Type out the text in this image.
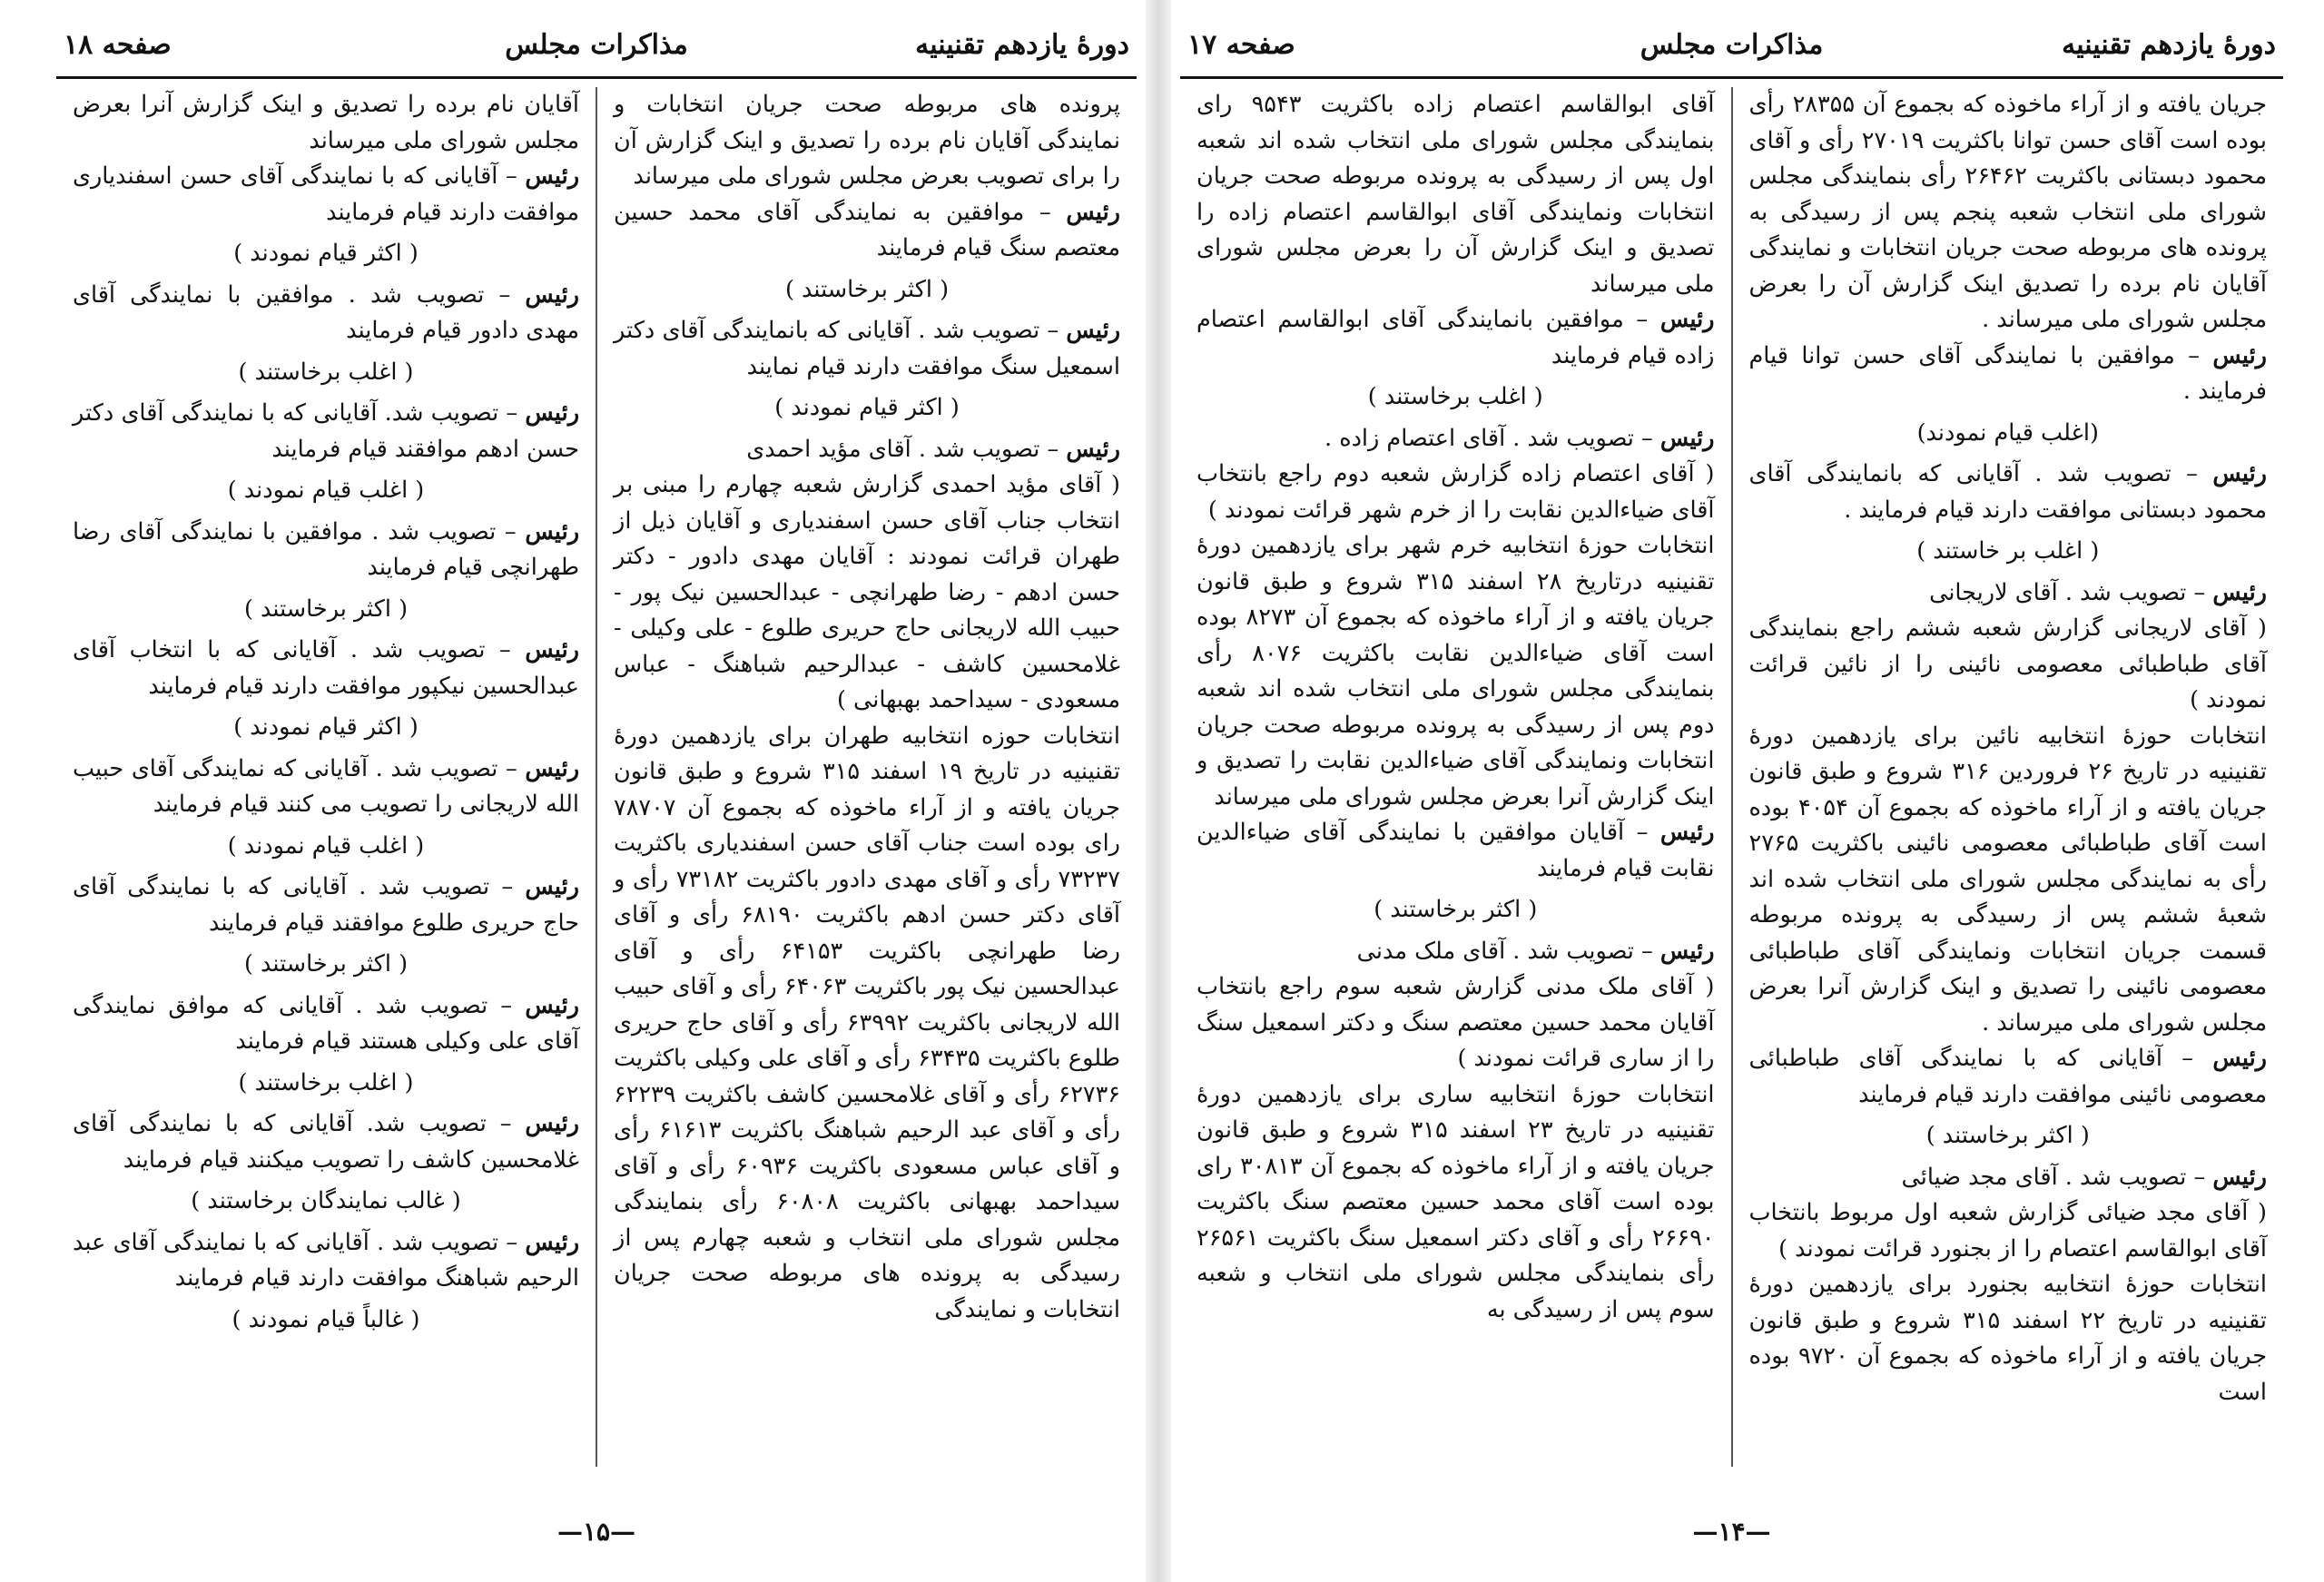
دورهٔ یازدهم تقنینیه
مذاکرات مجلس
صفحه ۱۸

پرونده های مربوطه صحت جریان انتخابات و نمایندگی آقایان نام برده را تصدیق و اینک گزارش آن را برای تصویب بعرض مجلس شورای ملی میرساند

رئیس – موافقین به نمایندگی آقای محمد حسین معتصم سنگ قیام فرمایند

( اکثر برخاستند )

رئیس – تصویب شد . آقایانی که بانمایندگی آقای دکتر اسمعیل سنگ موافقت دارند قیام نمایند

( اکثر قیام نمودند )

رئیس – تصویب شد . آقای مؤید احمدی

( آقای مؤید احمدی گزارش شعبه چهارم را مبنی بر انتخاب جناب آقای حسن اسفندیاری و آقایان ذیل از طهران قرائت نمودند : آقایان مهدی دادور - دکتر حسن ادهم - رضا طهرانچی - عبدالحسین نیک پور - حبیب الله لاریجانی حاج حریری طلوع - علی وکیلی - غلامحسین کاشف - عبدالرحیم شباهنگ - عباس مسعودی - سیداحمد بهبهانی )

انتخابات حوزه انتخابیه طهران برای یازدهمین دورهٔ تقنینیه در تاریخ ۱۹ اسفند ۳۱۵ شروع و طبق قانون جریان یافته و از آراء ماخوذه که بجموع آن ۷۸۷۰۷ رای بوده است جناب آقای حسن اسفندیاری باکثریت ۷۳۲۳۷ رأی و آقای مهدی دادور باکثریت ۷۳۱۸۲ رأی و آقای دکتر حسن ادهم باکثریت ۶۸۱۹۰ رأی و آقای رضا طهرانچی باکثریت ۶۴۱۵۳ رأی و آقای عبدالحسین نیک پور باکثریت ۶۴۰۶۳ رأی و آقای حبیب الله لاریجانی باکثریت ۶۳۹۹۲ رأی و آقای حاج حریری طلوع باکثریت ۶۳۴۳۵ رأی و آقای علی وکیلی باکثریت ۶۲۷۳۶ رأی و آقای غلامحسین کاشف باکثریت ۶۲۲۳۹ رأی و آقای عبد الرحیم شباهنگ باکثریت ۶۱۶۱۳ رأی و آقای عباس مسعودی باکثریت ۶۰۹۳۶ رأی و آقای سیداحمد بهبهانی باکثریت ۶۰۸۰۸ رأی بنمایندگی مجلس شورای ملی انتخاب و شعبه چهارم پس از رسیدگی به پرونده های مربوطه صحت جریان انتخابات و نمایندگی

آقایان نام برده را تصدیق و اینک گزارش آنرا بعرض مجلس شورای ملی میرساند

رئیس – آقایانی که با نمایندگی آقای حسن اسفندیاری موافقت دارند قیام فرمایند

( اکثر قیام نمودند )

رئیس – تصویب شد . موافقین با نمایندگی آقای مهدی دادور قیام فرمایند

( اغلب برخاستند )

رئیس – تصویب شد. آقایانی که با نمایندگی آقای دکتر حسن ادهم موافقند قیام فرمایند

( اغلب قیام نمودند )

رئیس – تصویب شد . موافقین با نمایندگی آقای رضا طهرانچی قیام فرمایند

( اکثر برخاستند )

رئیس – تصویب شد . آقایانی که با انتخاب آقای عبدالحسین نیکپور موافقت دارند قیام فرمایند

( اکثر قیام نمودند )

رئیس – تصویب شد . آقایانی که نمایندگی آقای حبیب الله لاریجانی را تصویب می کنند قیام فرمایند

( اغلب قیام نمودند )

رئیس – تصویب شد . آقایانی که با نمایندگی آقای حاج حریری طلوع موافقند قیام فرمایند

( اکثر برخاستند )

رئیس – تصویب شد . آقایانی که موافق نمایندگی آقای علی وکیلی هستند قیام فرمایند

( اغلب برخاستند )

رئیس – تصویب شد. آقایانی که با نمایندگی آقای غلامحسین کاشف را تصویب میکنند قیام فرمایند

( غالب نمایندگان برخاستند )

رئیس – تصویب شد . آقایانی که با نمایندگی آقای عبد الرحیم شباهنگ موافقت دارند قیام فرمایند

( غالباً قیام نمودند )

—۱۵—
دورهٔ یازدهم تقنینیه
مذاکرات مجلس
صفحه ۱۷

جریان یافته و از آراء ماخوذه که بجموع آن ۲۸۳۵۵ رأی بوده است آقای حسن توانا باکثریت ۲۷۰۱۹ رأی و آقای محمود دبستانی باکثریت ۲۶۴۶۲ رأی بنمایندگی مجلس شورای ملی انتخاب شعبه پنجم پس از رسیدگی به پرونده های مربوطه صحت جریان انتخابات و نمایندگی آقایان نام برده را تصدیق اینک گزارش آن را بعرض مجلس شورای ملی میرساند .

رئیس – موافقین با نمایندگی آقای حسن توانا قیام فرمایند .

(اغلب قیام نمودند)

رئیس – تصویب شد . آقایانی که بانمایندگی آقای محمود دبستانی موافقت دارند قیام فرمایند .

( اغلب بر خاستند )

رئیس – تصویب شد . آقای لاریجانی

( آقای لاریجانی گزارش شعبه ششم راجع بنمایندگی آقای طباطبائی معصومی نائینی را از نائین قرائت نمودند )

انتخابات حوزهٔ انتخابیه نائین برای یازدهمین دورهٔ تقنینیه در تاریخ ۲۶ فروردین ۳۱۶ شروع و طبق قانون جریان یافته و از آراء ماخوذه که بجموع آن ۴۰۵۴ بوده است آقای طباطبائی معصومی نائینی باکثریت ۲۷۶۵ رأی به نمایندگی مجلس شورای ملی انتخاب شده اند شعبهٔ ششم پس از رسیدگی به پرونده مربوطه قسمت جریان انتخابات ونمایندگی آقای طباطبائی معصومی نائینی را تصدیق و اینک گزارش آنرا بعرض مجلس شورای ملی میرساند .

رئیس – آقایانی که با نمایندگی آقای طباطبائی معصومی نائینی موافقت دارند قیام فرمایند

( اکثر برخاستند )

رئیس – تصویب شد . آقای مجد ضیائی

( آقای مجد ضیائی گزارش شعبه اول مربوط بانتخاب آقای ابوالقاسم اعتصام را از بجنورد قرائت نمودند )

انتخابات حوزهٔ انتخابیه بجنورد برای یازدهمین دورهٔ تقنینیه در تاریخ ۲۲ اسفند ۳۱۵ شروع و طبق قانون جریان یافته و از آراء ماخوذه که بجموع آن ۹۷۲۰ بوده است

آقای ابوالقاسم اعتصام زاده باکثریت ۹۵۴۳ رای بنمایندگی مجلس شورای ملی انتخاب شده اند شعبه اول پس از رسیدگی به پرونده مربوطه صحت جریان انتخابات ونمایندگی آقای ابوالقاسم اعتصام زاده را تصدیق و اینک گزارش آن را بعرض مجلس شورای ملی میرساند

رئیس – موافقین بانمایندگی آقای ابوالقاسم اعتصام زاده قیام فرمایند

( اغلب برخاستند )

رئیس – تصویب شد . آقای اعتصام زاده .

( آقای اعتصام زاده گزارش شعبه دوم راجع بانتخاب آقای ضیاءالدین نقابت را از خرم شهر قرائت نمودند )

انتخابات حوزهٔ انتخابیه خرم شهر برای یازدهمین دورهٔ تقنینیه درتاریخ ۲۸ اسفند ۳۱۵ شروع و طبق قانون جریان یافته و از آراء ماخوذه که بجموع آن ۸۲۷۳ بوده است آقای ضیاءالدین نقابت باکثریت ۸۰۷۶ رأی بنمایندگی مجلس شورای ملی انتخاب شده اند شعبه دوم پس از رسیدگی به پرونده مربوطه صحت جریان انتخابات ونمایندگی آقای ضیاءالدین نقابت را تصدیق و اینک گزارش آنرا بعرض مجلس شورای ملی میرساند

رئیس – آقایان موافقین با نمایندگی آقای ضیاءالدین نقابت قیام فرمایند

( اکثر برخاستند )

رئیس – تصویب شد . آقای ملک مدنی

( آقای ملک مدنی گزارش شعبه سوم راجع بانتخاب آقایان محمد حسین معتصم سنگ و دکتر اسمعیل سنگ را از ساری قرائت نمودند )

انتخابات حوزهٔ انتخابیه ساری برای یازدهمین دورهٔ تقنینیه در تاریخ ۲۳ اسفند ۳۱۵ شروع و طبق قانون جریان یافته و از آراء ماخوذه که بجموع آن ۳۰۸۱۳ رای بوده است آقای محمد حسین معتصم سنگ باکثریت ۲۶۶۹۰ رأی و آقای دکتر اسمعیل سنگ باکثریت ۲۶۵۶۱ رأی بنمایندگی مجلس شورای ملی انتخاب و شعبه سوم پس از رسیدگی به

—۱۴—
